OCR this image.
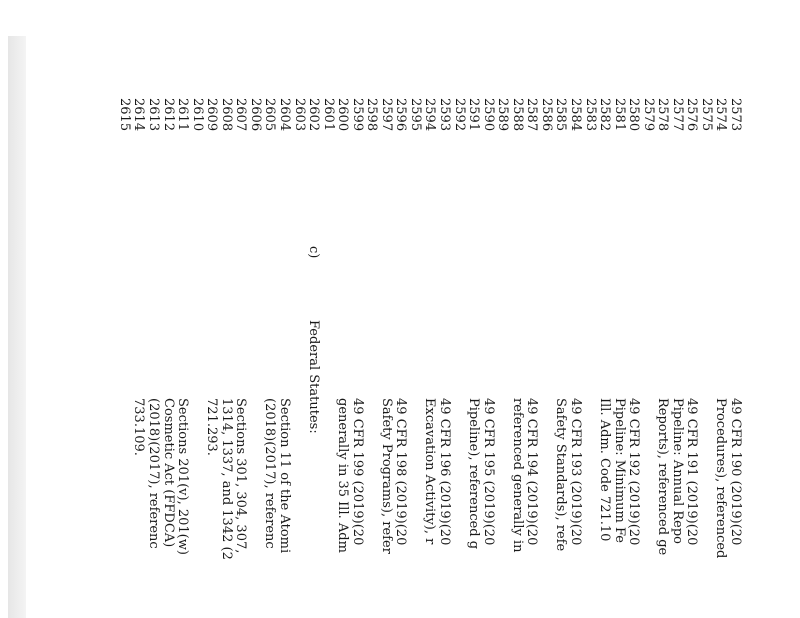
2573
49 CFR 190 (2019)(20
2574
Procedures), referenced
2575
2576
49 CFR 191 (2019)(20
2577
Pipeline: Annual Repo
2578
Reports), referenced ge
2579
2580
49 CFR 192 (2019)(20
2581
Pipeline: Minimum Fe
2582
Ill. Adm. Code 721.10
2583
2584
49 CFR 193 (2019)(20
2585
Safety Standards), refe
2586
2587
49 CFR 194 (2019)(20
2588
referenced generally in
2589
2590
49 CFR 195 (2019)(20
2591
Pipeline), referenced g
2592
2593
49 CFR 196 (2019)(20
2594
Excavation Activity), r
2595
2596
49 CFR 198 (2019)(20
2597
Safety Programs), refer
2598
2599
49 CFR 199 (2019)(20
2600
generally in 35 Ill. Adm
2601
2602
c)
Federal Statutes:
2603
2604
Section 11 of the Atomi
2605
(2018)(2017), referenc
2606
2607
Sections 301, 304, 307,
2608
1314, 1337, and 1342 (2
2609
721.293.
2610
2611
Sections 201(v), 201(w)
2612
Cosmetic Act (FFDCA)
2613
(2018)(2017), referenc
2614
733.109.
2615
